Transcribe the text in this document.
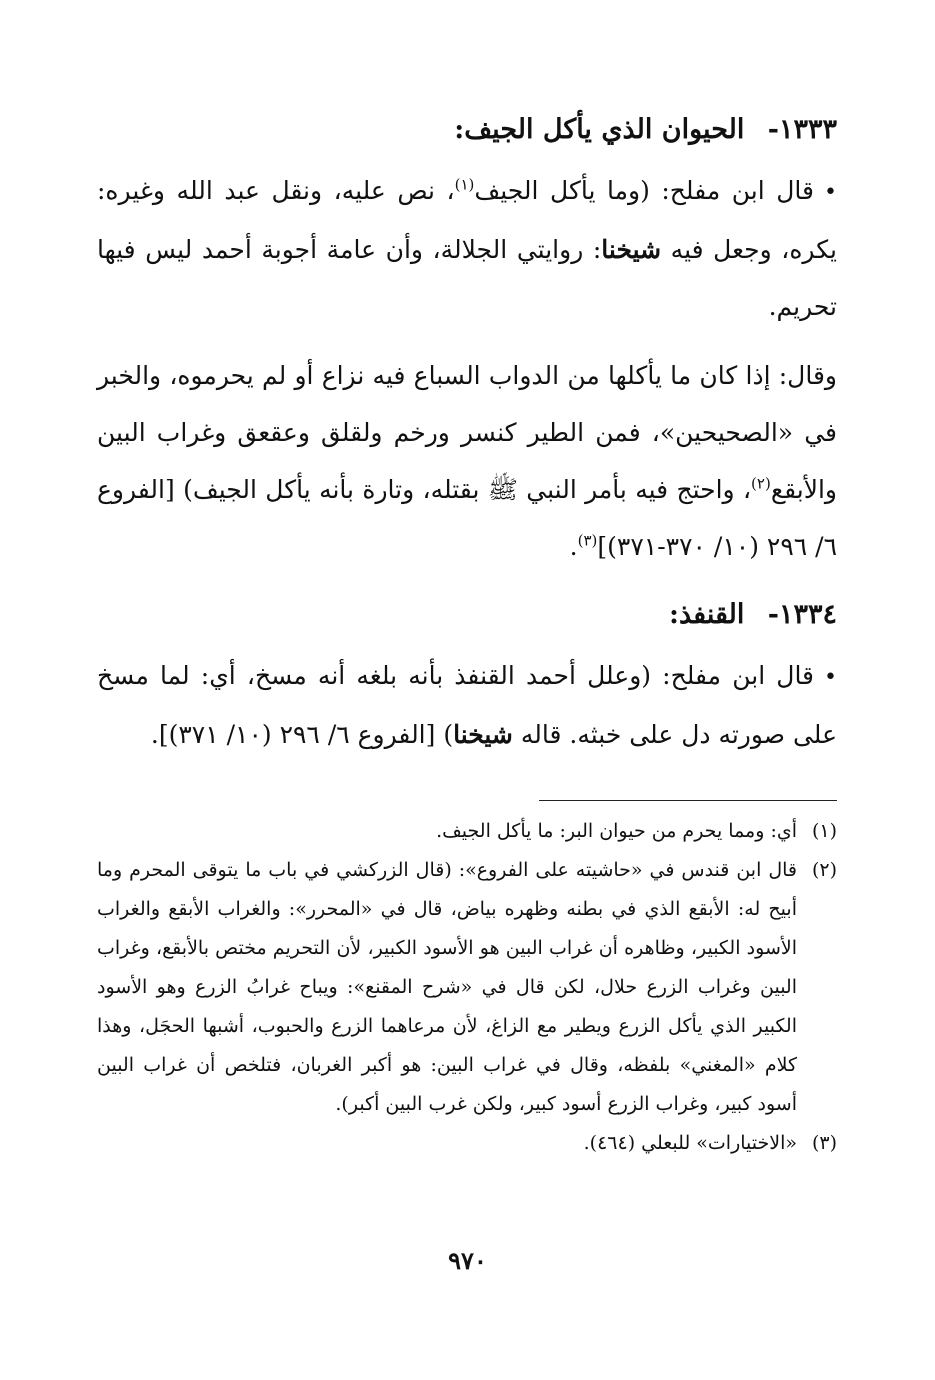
١٣٣٣- الحيوان الذي يأكل الجيف:

•قال ابن مفلح: (وما يأكل الجيف$^{(١)}$، نص عليه، ونقل عبد الله وغيره: يكره، وجعل فيه شيخنا: روايتي الجلالة، وأن عامة أجوبة أحمد ليس فيها تحريم.

وقال: إذا كان ما يأكلها من الدواب السباع فيه نزاع أو لم يحرموه، والخبر في «الصحيحين»، فمن الطير كنسر ورخم ولقلق وعقعق وغراب البين والأبقع$^{(٢)}$، واحتج فيه بأمر النبي ﷺ بقتله، وتارة بأنه يأكل الجيف) [الفروع ٦/ ٢٩٦ (١٠/ ٣٧٠-٣٧١)]$^{(٣)}$.

١٣٣٤- القنفذ:

•قال ابن مفلح: (وعلل أحمد القنفذ بأنه بلغه أنه مسخ، أي: لما مسخ على صورته دل على خبثه. قاله شيخنا) [الفروع ٦/ ٢٩٦ (١٠/ ٣٧١)].

(١)
أي: ومما يحرم من حيوان البر: ما يأكل الجيف.
(٢)
قال ابن قندس في «حاشيته على الفروع»: (قال الزركشي في باب ما يتوقى المحرم وما أبيح له: الأبقع الذي في بطنه وظهره بياض، قال في «المحرر»: والغراب الأبقع والغراب الأسود الكبير، وظاهره أن غراب البين هو الأسود الكبير، لأن التحريم مختص بالأبقع، وغراب البين وغراب الزرع حلال، لكن قال في «شرح المقنع»: ويباح غرابُ الزرع وهو الأسود الكبير الذي يأكل الزرع ويطير مع الزاغ، لأن مرعاهما الزرع والحبوب، أشبها الحجَل، وهذا كلام «المغني» بلفظه، وقال في غراب البين: هو أكبر الغربان، فتلخص أن غراب البين أسود كبير، وغراب الزرع أسود كبير، ولكن غرب البين أكبر).
(٣)
«الاختيارات» للبعلي (٤٦٤).
٩٧٠
